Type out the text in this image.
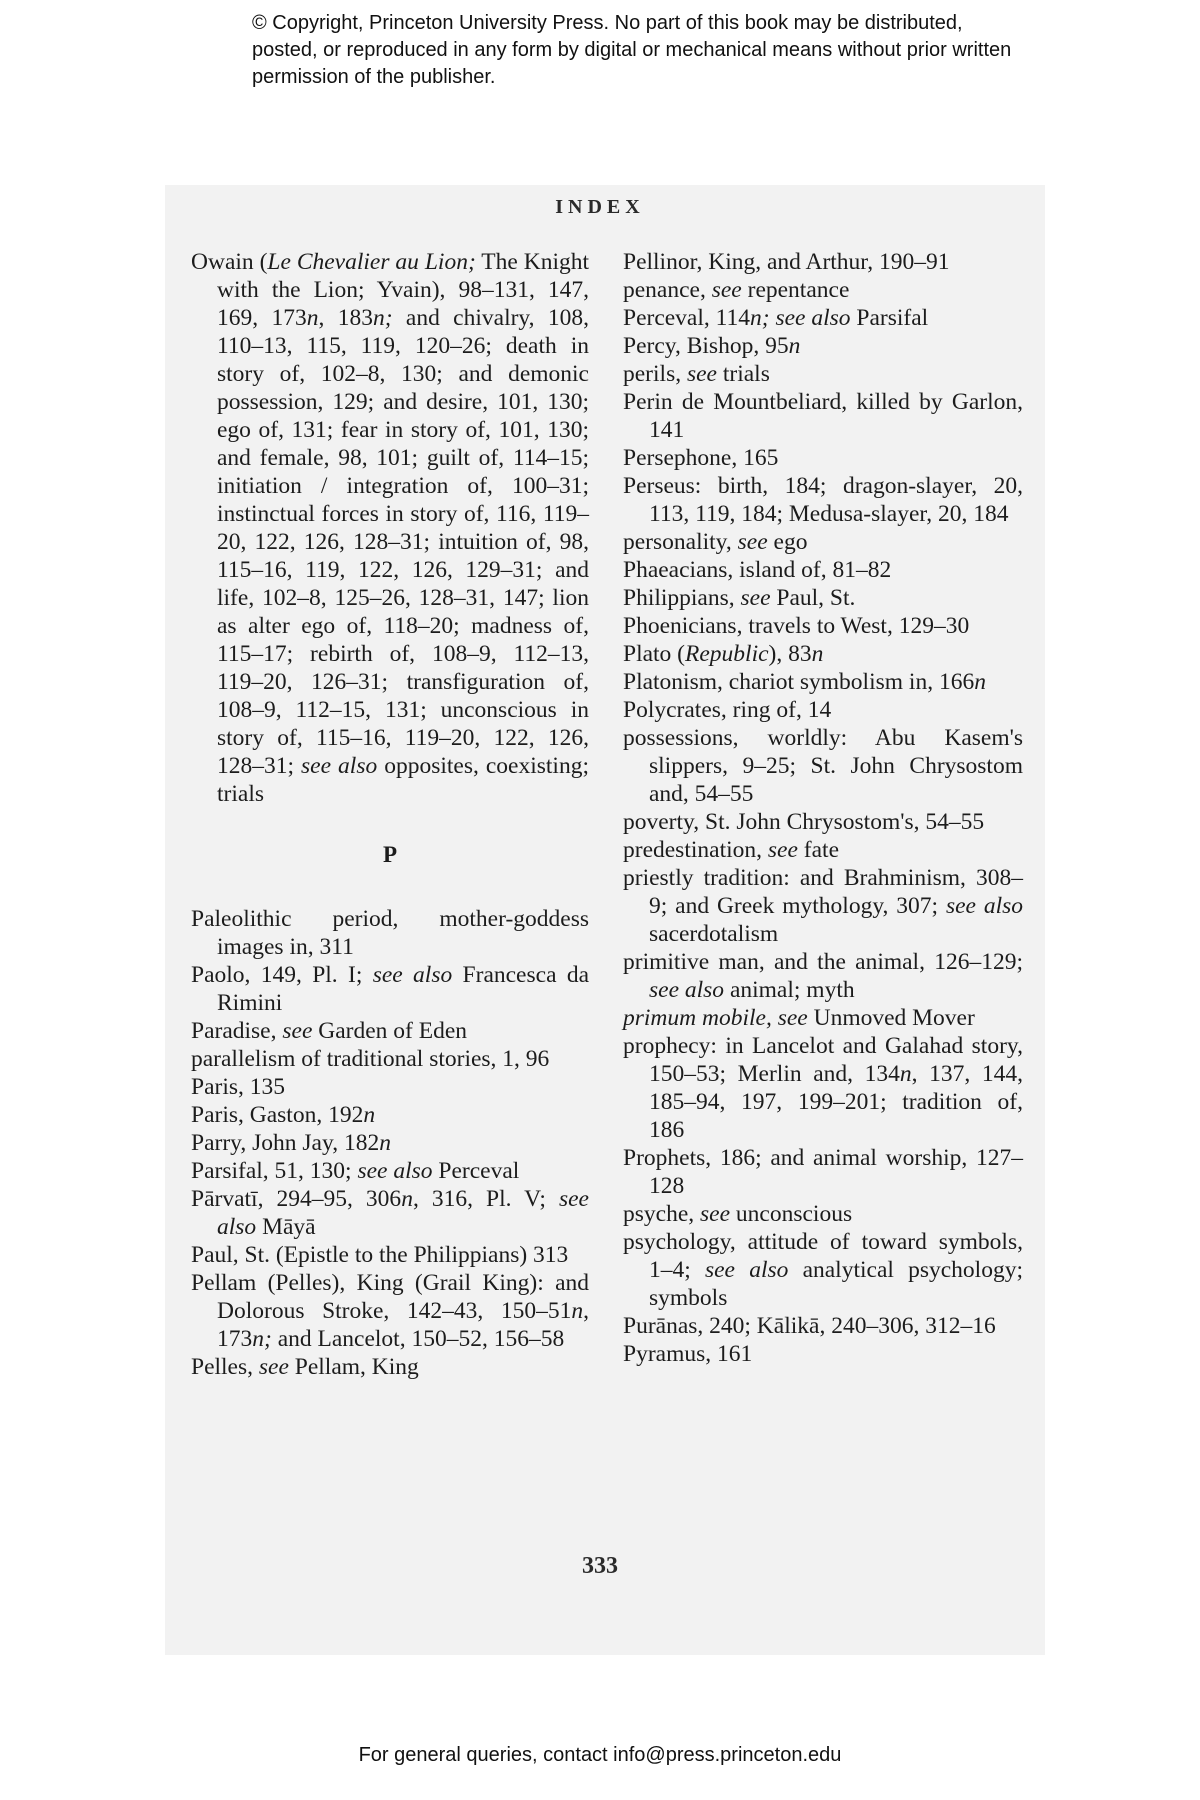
© Copyright, Princeton University Press. No part of this book may be distributed, posted, or reproduced in any form by digital or mechanical means without prior written permission of the publisher.
INDEX
Owain (Le Chevalier au Lion; The Knight with the Lion; Yvain), 98–131, 147, 169, 173n, 183n; and chivalry, 108, 110–13, 115, 119, 120–26; death in story of, 102–8, 130; and demonic possession, 129; and desire, 101, 130; ego of, 131; fear in story of, 101, 130; and female, 98, 101; guilt of, 114–15; initiation / integration of, 100–31; instinctual forces in story of, 116, 119–20, 122, 126, 128–31; intuition of, 98, 115–16, 119, 122, 126, 129–31; and life, 102–8, 125–26, 128–31, 147; lion as alter ego of, 118–20; madness of, 115–17; rebirth of, 108–9, 112–13, 119–20, 126–31; transfiguration of, 108–9, 112–15, 131; unconscious in story of, 115–16, 119–20, 122, 126, 128–31; see also opposites, coexisting; trials
P
Paleolithic period, mother-goddess images in, 311
Paolo, 149, Pl. I; see also Francesca da Rimini
Paradise, see Garden of Eden
parallelism of traditional stories, 1, 96
Paris, 135
Paris, Gaston, 192n
Parry, John Jay, 182n
Parsifal, 51, 130; see also Perceval
Pārvatī, 294–95, 306n, 316, Pl. V; see also Māyā
Paul, St. (Epistle to the Philippians) 313
Pellam (Pelles), King (Grail King): and Dolorous Stroke, 142–43, 150–51n, 173n; and Lancelot, 150–52, 156–58
Pelles, see Pellam, King
Pellinor, King, and Arthur, 190–91
penance, see repentance
Perceval, 114n; see also Parsifal
Percy, Bishop, 95n
perils, see trials
Perin de Mountbeliard, killed by Garlon, 141
Persephone, 165
Perseus: birth, 184; dragon-slayer, 20, 113, 119, 184; Medusa-slayer, 20, 184
personality, see ego
Phaeacians, island of, 81–82
Philippians, see Paul, St.
Phoenicians, travels to West, 129–30
Plato (Republic), 83n
Platonism, chariot symbolism in, 166n
Polycrates, ring of, 14
possessions, worldly: Abu Kasem's slippers, 9–25; St. John Chrysostom and, 54–55
poverty, St. John Chrysostom's, 54–55
predestination, see fate
priestly tradition: and Brahminism, 308–9; and Greek mythology, 307; see also sacerdotalism
primitive man, and the animal, 126–129; see also animal; myth
primum mobile, see Unmoved Mover
prophecy: in Lancelot and Galahad story, 150–53; Merlin and, 134n, 137, 144, 185–94, 197, 199–201; tradition of, 186
Prophets, 186; and animal worship, 127–128
psyche, see unconscious
psychology, attitude of toward symbols, 1–4; see also analytical psychology; symbols
Purānas, 240; Kālikā, 240–306, 312–16
Pyramus, 161
333
For general queries, contact info@press.princeton.edu
